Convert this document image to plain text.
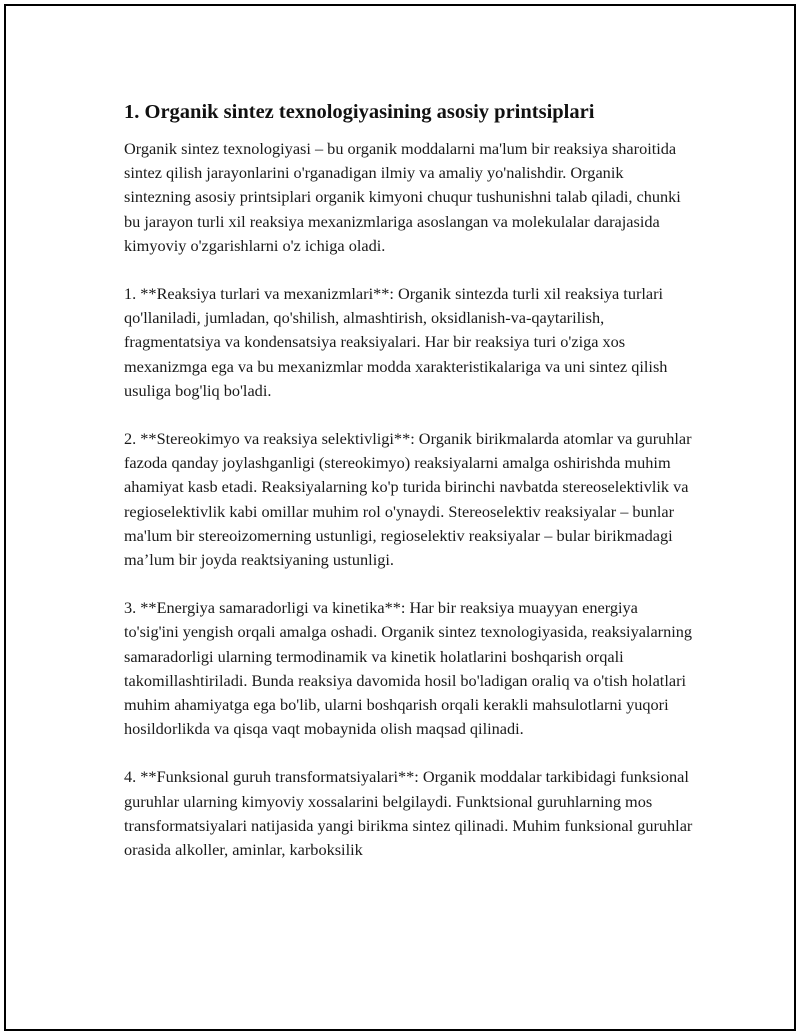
1. Organik sintez texnologiyasining asosiy printsiplari

Organik sintez texnologiyasi – bu organik moddalarni ma'lum bir reaksiya sharoitida sintez qilish jarayonlarini o'rganadigan ilmiy va amaliy yo'nalishdir. Organik sintezning asosiy printsiplari organik kimyoni chuqur tushunishni talab qiladi, chunki bu jarayon turli xil reaksiya mexanizmlariga asoslangan va molekulalar darajasida kimyoviy o'zgarishlarni o'z ichiga oladi.

1. **Reaksiya turlari va mexanizmlari**: Organik sintezda turli xil reaksiya turlari qo'llaniladi, jumladan, qo'shilish, almashtirish, oksidlanish-va-qaytarilish, fragmentatsiya va kondensatsiya reaksiyalari. Har bir reaksiya turi o'ziga xos mexanizmga ega va bu mexanizmlar modda xarakteristikalariga va uni sintez qilish usuliga bog'liq bo'ladi.

2. **Stereokimyo va reaksiya selektivligi**: Organik birikmalarda atomlar va guruhlar fazoda qanday joylashganligi (stereokimyo) reaksiyalarni amalga oshirishda muhim ahamiyat kasb etadi. Reaksiyalarning ko'p turida birinchi navbatda stereoselektivlik va regioselektivlik kabi omillar muhim rol o'ynaydi. Stereoselektiv reaksiyalar – bunlar ma'lum bir stereoizomerning ustunligi, regioselektiv reaksiyalar – bular birikmadagi ma’lum bir joyda reaktsiyaning ustunligi.

3. **Energiya samaradorligi va kinetika**: Har bir reaksiya muayyan energiya to'sig'ini yengish orqali amalga oshadi. Organik sintez texnologiyasida, reaksiyalarning samaradorligi ularning termodinamik va kinetik holatlarini boshqarish orqali takomillashtiriladi. Bunda reaksiya davomida hosil bo'ladigan oraliq va o'tish holatlari muhim ahamiyatga ega bo'lib, ularni boshqarish orqali kerakli mahsulotlarni yuqori hosildorlikda va qisqa vaqt mobaynida olish maqsad qilinadi.

4. **Funksional guruh transformatsiyalari**: Organik moddalar tarkibidagi funksional guruhlar ularning kimyoviy xossalarini belgilaydi. Funktsional guruhlarning mos transformatsiyalari natijasida yangi birikma sintez qilinadi. Muhim funksional guruhlar orasida alkoller, aminlar, karboksilik
